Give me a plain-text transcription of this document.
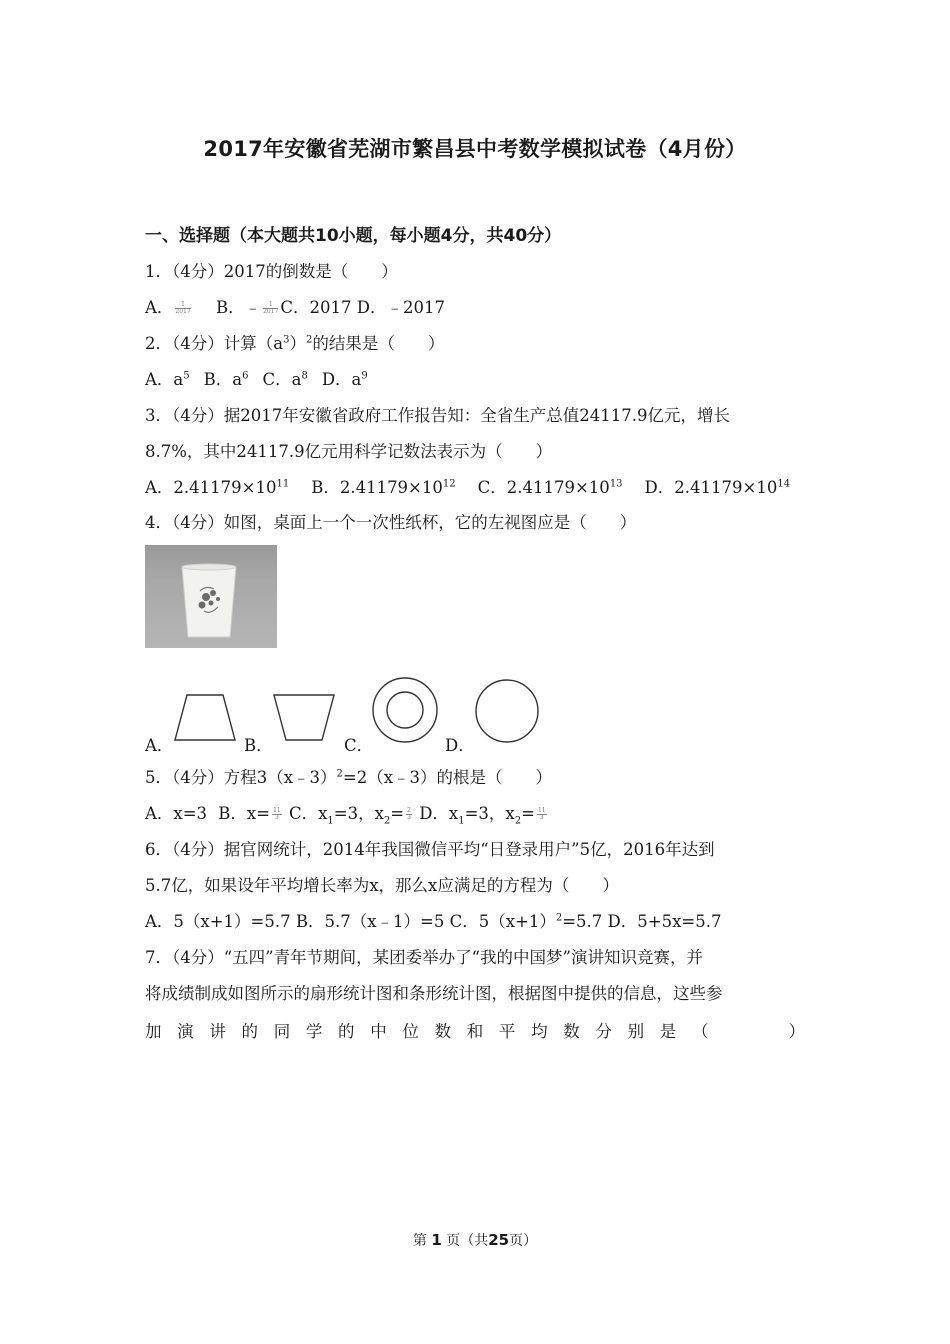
2017年安徽省芜湖市繁昌县中考数学模拟试卷（4月份）
一、选择题（本大题共10小题，每小题4分，共40分）
1．（4分）2017的倒数是（　　）
A． $\frac{1}{2017}$ B．﹣ $\frac{1}{2017}$ C．2017 D．﹣2017
2．（4分）计算$(a^3)^2$的结果是（　　）
A．$a^5$ B．$a^6$ C．$a^8$ D．$a^9$
3．（4分）据2017年安徽省政府工作报告知：全省生产总值24117.9亿元，增长
8.7%，其中24117.9亿元用科学记数法表示为（　　）
A．$2.41179\times 10^{11}$ B．$2.41179\times 10^{12}$ C．$2.41179\times 10^{13}$ D．$2.41179\times 10^{14}$
4．（4分）如图，桌面上一个一次性纸杯，它的左视图应是（　　）
A．	B．	C．	D．
5．（4分）方程3（x﹣3）$^2$=2（x﹣3）的根是（　　）
A．x=3 B．$x= \frac{11}{3}$ C．$x_1=3$，$x_2= \frac{2}{3}$ D．$x_1=3$，$x_2= \frac{11}{3}$
6．（4分）据官网统计，2014年我国微信平均“日登录用户”5亿，2016年达到
5.7亿，如果设年平均增长率为x，那么x应满足的方程为（　　）
A．5（x+1）=5.7 B．5.7（x﹣1）=5 C．$5(x+1)^2=5.7$ D．5+5x=5.7
7．（4分）“五四”青年节期间，某团委举办了“我的中国梦”演讲知识竞赛，并
将成绩制成如图所示的扇形统计图和条形统计图，根据图中提供的信息，这些参
加演讲的同学的中位数和平均数分别是（　　）
第 1 页（共25页）
